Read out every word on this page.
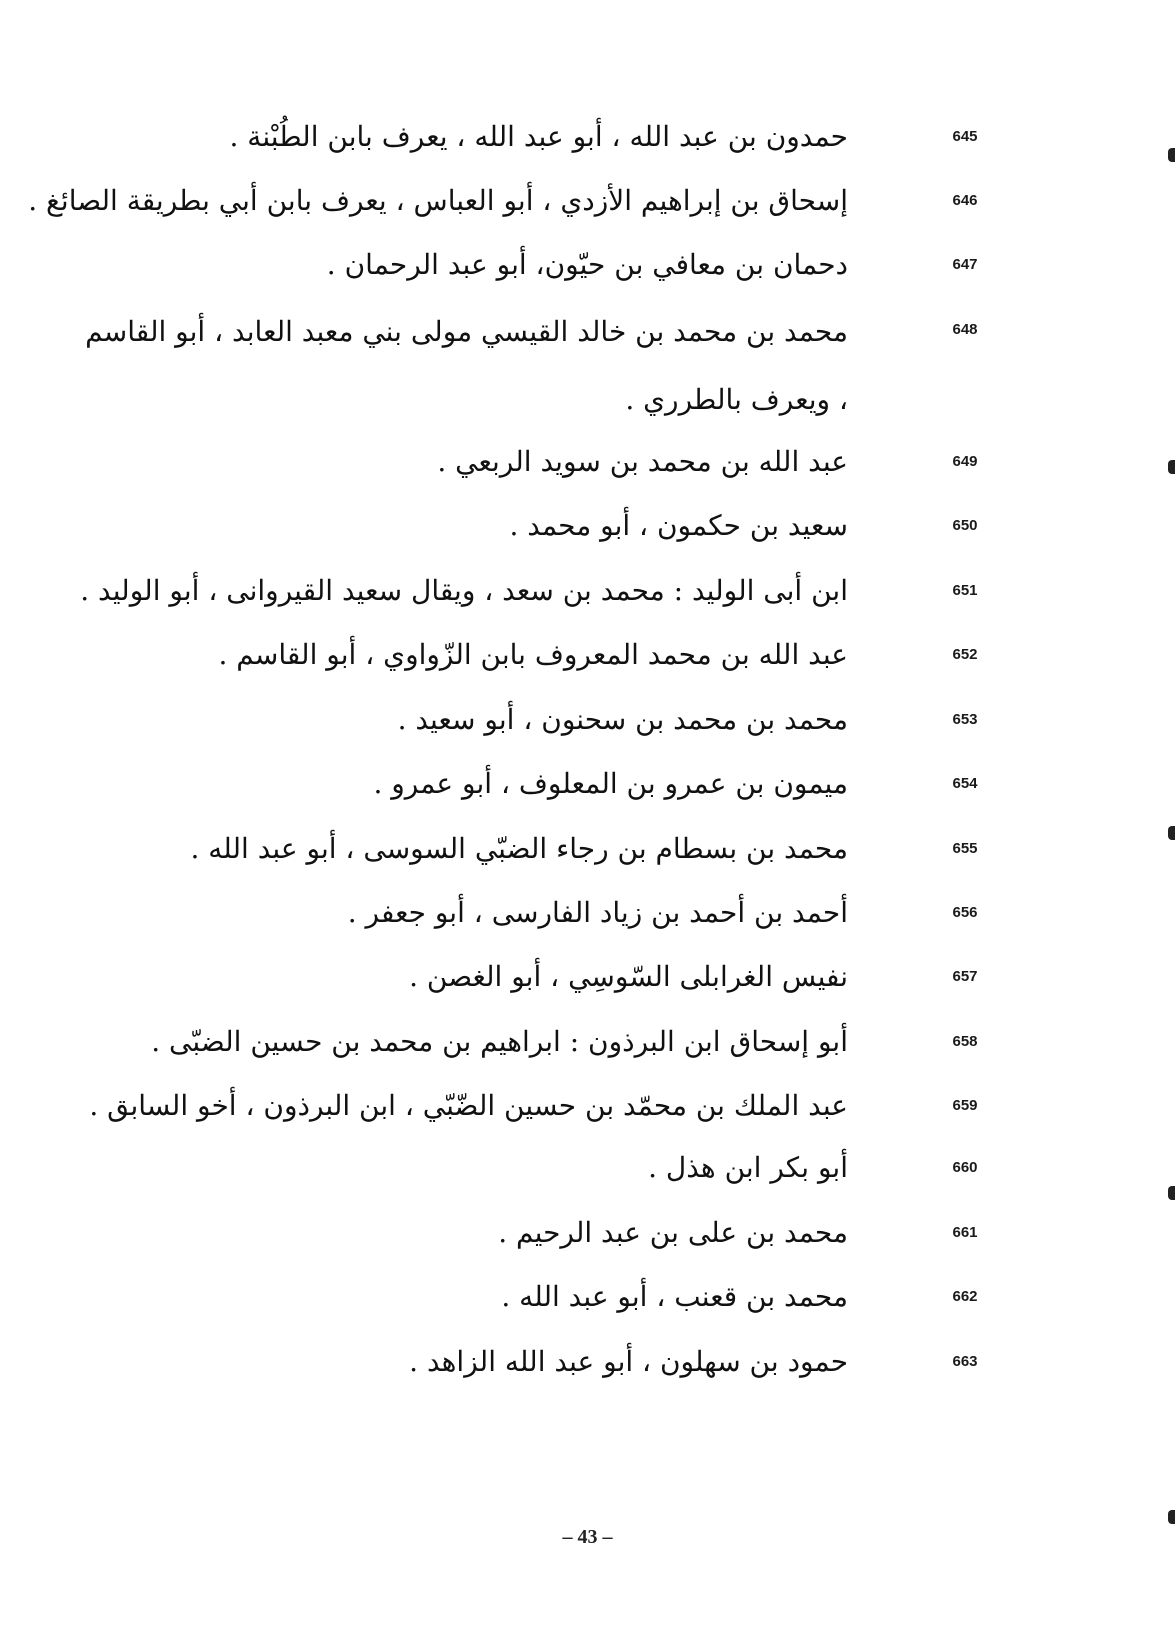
645
حمدون بن عبد الله ، أبو عبد الله ، يعرف بابن الطُبْنة .
646
إسحاق بن إبراهيم الأزدي ، أبو العباس ، يعرف بابن أبي بطريقة الصائغ .
647
دحمان بن معافي بن حيّون، أبو عبد الرحمان .
648
محمد بن محمد بن خالد القيسي مولى بني معبد العابد ، أبو القاسم ، ويعرف بالطرري .
649
عبد الله بن محمد بن سويد الربعي .
650
سعيد بن حكمون ، أبو محمد .
651
ابن أبى الوليد : محمد بن سعد ، ويقال سعيد القيروانى ، أبو الوليد .
652
عبد الله بن محمد المعروف بابن الزّواوي ، أبو القاسم .
653
محمد بن محمد بن سحنون ، أبو سعيد .
654
ميمون بن عمرو بن المعلوف ، أبو عمرو .
655
محمد بن بسطام بن رجاء الضبّي السوسى ، أبو عبد الله .
656
أحمد بن أحمد بن زياد الفارسى ، أبو جعفر .
657
نفيس الغرابلى السّوسِي ، أبو الغصن .
658
أبو إسحاق ابن البرذون : ابراهيم بن محمد بن حسين الضبّى .
659
عبد الملك بن محمّد بن حسين الضّبّي ، ابن البرذون ، أخو السابق .
660
أبو بكر ابن هذل .
661
محمد بن على بن عبد الرحيم .
662
محمد بن قعنب ، أبو عبد الله .
663
حمود بن سهلون ، أبو عبد الله الزاهد .
– 43 –
